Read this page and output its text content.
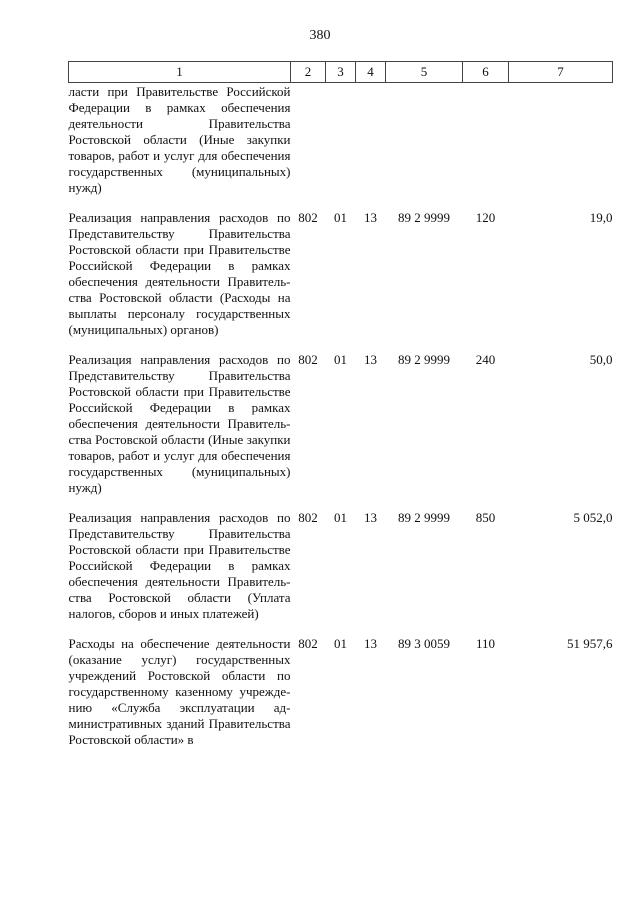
380
1	2	3	4	5	6	7
ласти при Правительстве Российской Федерации в рамках обеспечения деятельности Правительства Ростовской области (Иные закупки товаров, работ и услуг для обеспечения государственных (муниципальных) нужд)						

Реализация направления расходов по Представительству Правительства Ростовской области при Правительстве Российской Федерации в рамках обеспечения деятельности Правительства Ростовской области (Расходы на выплаты персоналу государственных (муниципальных) органов)	802	01	13	89 2 9999	120	19,0

Реализация направления расходов по Представительству Правительства Ростовской области при Правительстве Российской Федерации в рамках обеспечения деятельности Правительства Ростовской области (Иные закупки товаров, работ и услуг для обеспечения государственных (муниципальных) нужд)	802	01	13	89 2 9999	240	50,0

Реализация направления расходов по Представительству Правительства Ростовской области при Правительстве Российской Федерации в рамках обеспечения деятельности Правительства Ростовской области (Уплата налогов, сборов и иных платежей)	802	01	13	89 2 9999	850	5 052,0

Расходы на обеспечение деятельности (оказание услуг) государственных учреждений Ростовской области по государственному казенному учреждению «Служба эксплуатации административных зданий Правительства Ростовской области» в	802	01	13	89 3 0059	110	51 957,6
